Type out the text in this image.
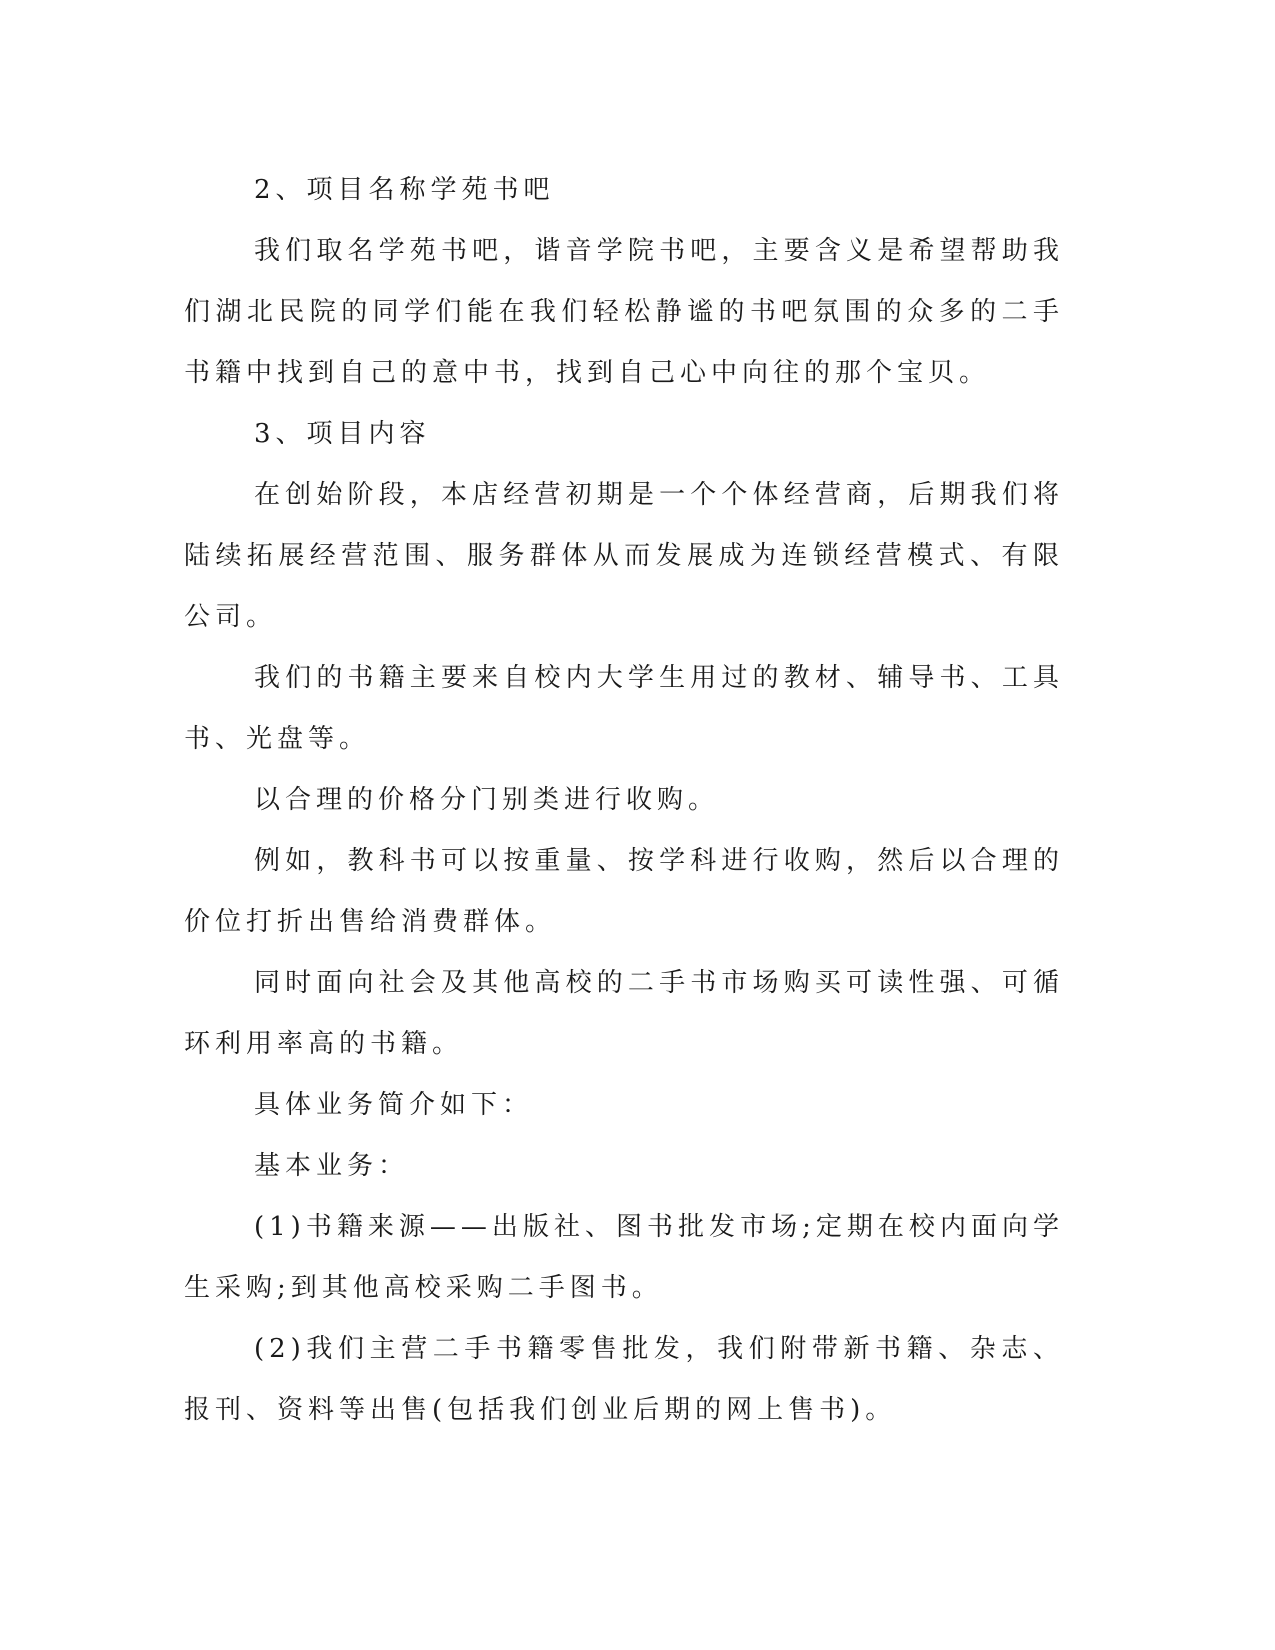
2、项目名称学苑书吧

我们取名学苑书吧，谐音学院书吧，主要含义是希望帮助我们湖北民院的同学们能在我们轻松静谧的书吧氛围的众多的二手书籍中找到自己的意中书，找到自己心中向往的那个宝贝。

3、项目内容

在创始阶段，本店经营初期是一个个体经营商，后期我们将陆续拓展经营范围、服务群体从而发展成为连锁经营模式、有限公司。

我们的书籍主要来自校内大学生用过的教材、辅导书、工具书、光盘等。

以合理的价格分门别类进行收购。

例如，教科书可以按重量、按学科进行收购，然后以合理的价位打折出售给消费群体。

同时面向社会及其他高校的二手书市场购买可读性强、可循环利用率高的书籍。

具体业务简介如下：

基本业务：

(1)书籍来源——出版社、图书批发市场;定期在校内面向学生采购;到其他高校采购二手图书。

(2)我们主营二手书籍零售批发，我们附带新书籍、杂志、报刊、资料等出售(包括我们创业后期的网上售书)。
